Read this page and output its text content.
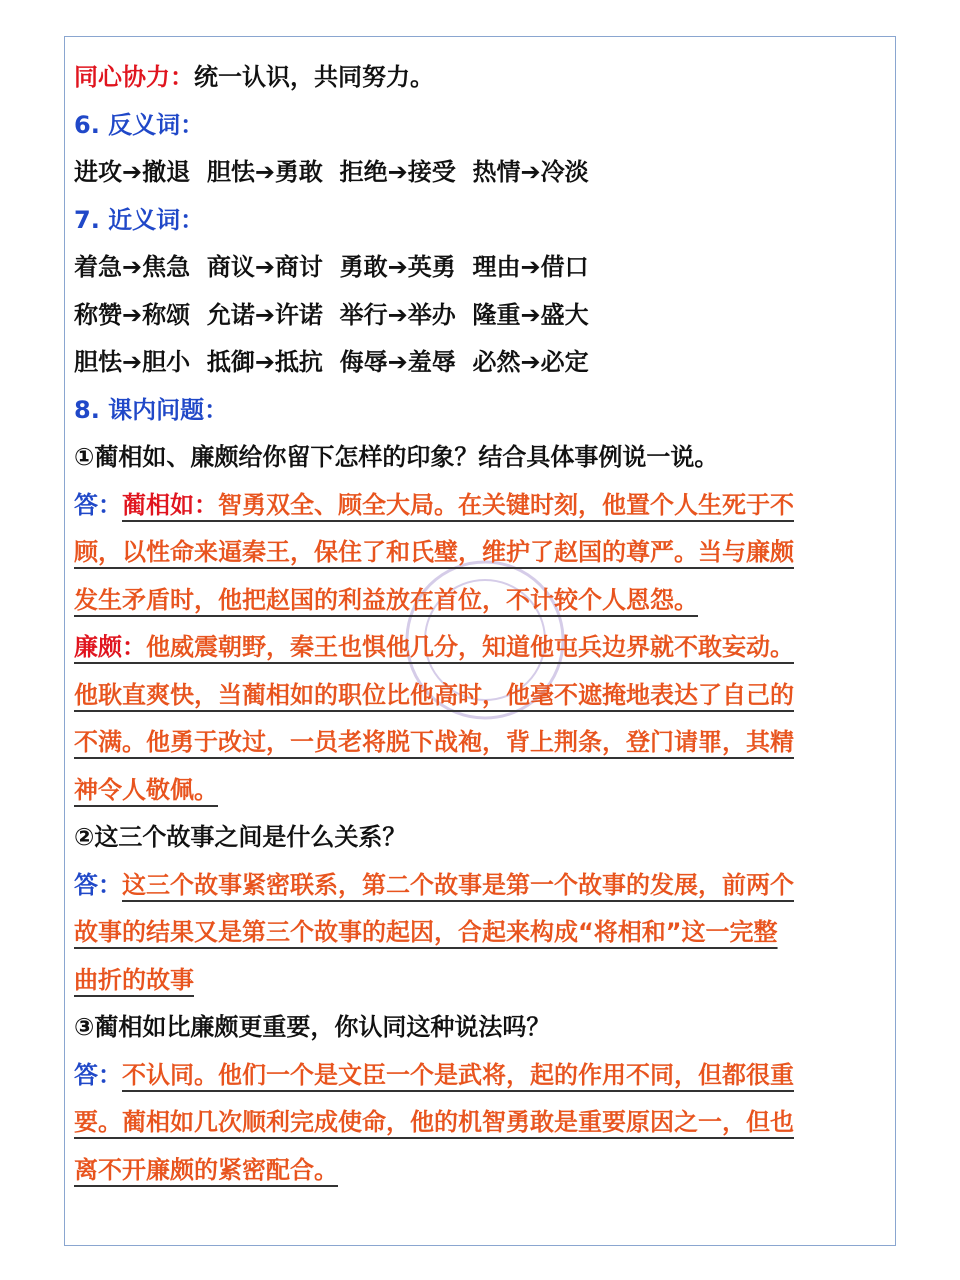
同心协力：统一认识，共同努力。
6. 反义词：
进攻➔撤退  胆怯➔勇敢  拒绝➔接受  热情➔冷淡
7. 近义词：
着急➔焦急  商议➔商讨  勇敢➔英勇  理由➔借口
称赞➔称颂  允诺➔许诺  举行➔举办  隆重➔盛大
胆怯➔胆小  抵御➔抵抗  侮辱➔羞辱  必然➔必定
8. 课内问题：
①蔺相如、廉颇给你留下怎样的印象？结合具体事例说一说。
答：蔺相如：智勇双全、顾全大局。在关键时刻，他置个人生死于不
顾，以性命来逼秦王，保住了和氏璧，维护了赵国的尊严。当与廉颇
发生矛盾时，他把赵国的利益放在首位，不计较个人恩怨。
廉颇：他威震朝野，秦王也惧他几分，知道他屯兵边界就不敢妄动。
他耿直爽快，当蔺相如的职位比他高时，他毫不遮掩地表达了自己的
不满。他勇于改过，一员老将脱下战袍，背上荆条，登门请罪，其精
神令人敬佩。
②这三个故事之间是什么关系？
答：这三个故事紧密联系，第二个故事是第一个故事的发展，前两个
故事的结果又是第三个故事的起因，合起来构成“将相和”这一完整
曲折的故事
③蔺相如比廉颇更重要，你认同这种说法吗？
答：不认同。他们一个是文臣一个是武将，起的作用不同，但都很重
要。蔺相如几次顺利完成使命，他的机智勇敢是重要原因之一，但也
离不开廉颇的紧密配合。
